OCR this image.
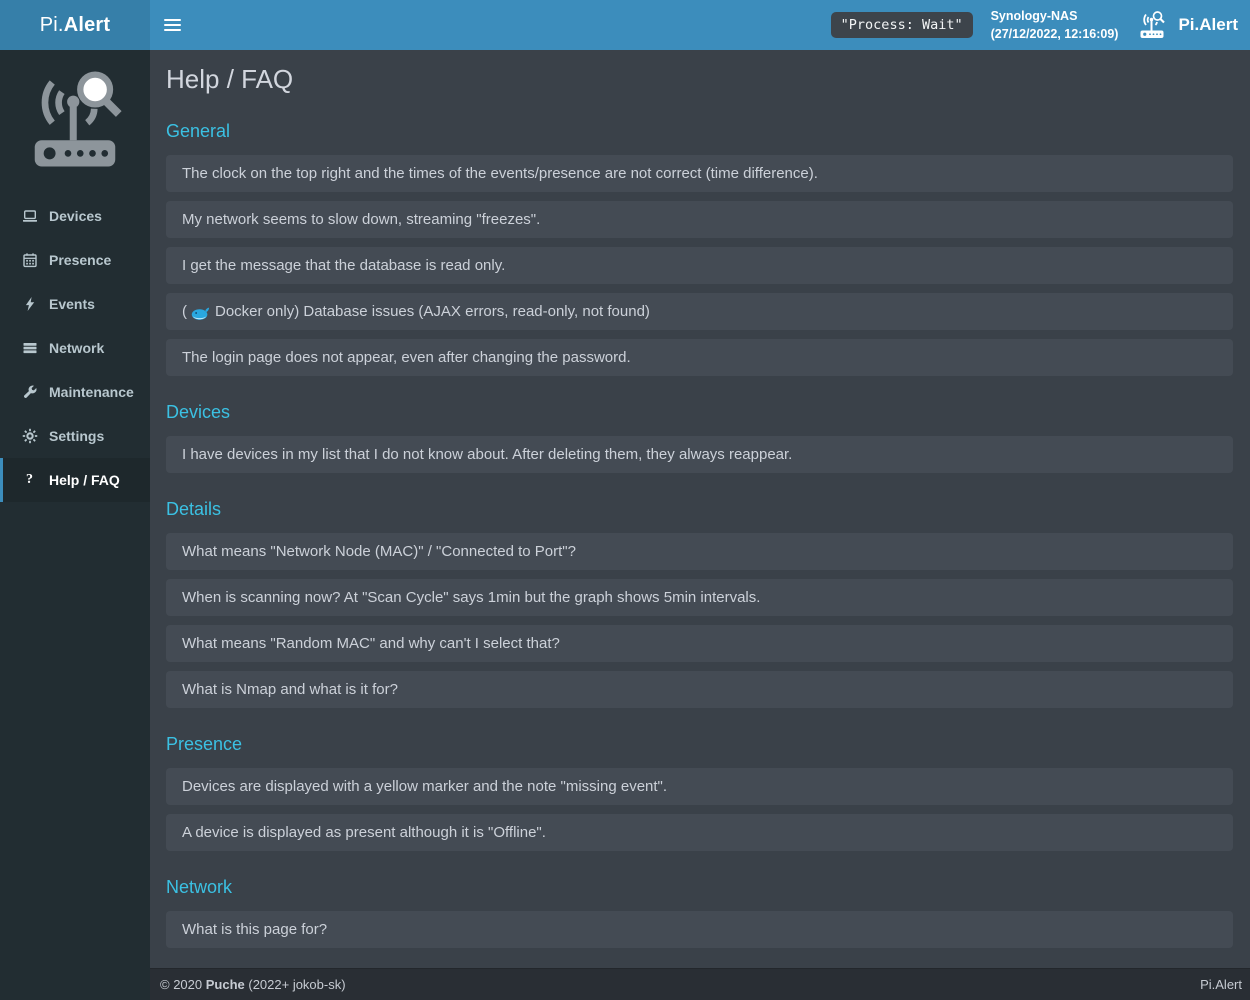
Pi.Alert	"Process: Wait"
Synology-NAS
(27/12/2022, 12:16:09)	Pi.Alert
Devices
Presence
Events
Network
Maintenance
Settings
? Help / FAQ
Help / FAQ
General
The clock on the top right and the times of the events/presence are not correct (time difference).
My network seems to slow down, streaming "freezes".
I get the message that the database is read only.
( Docker only) Database issues (AJAX errors, read-only, not found)
The login page does not appear, even after changing the password.
Devices
I have devices in my list that I do not know about. After deleting them, they always reappear.
Details
What means "Network Node (MAC)" / "Connected to Port"?
When is scanning now? At "Scan Cycle" says 1min but the graph shows 5min intervals.
What means "Random MAC" and why can't I select that?
What is Nmap and what is it for?
Presence
Devices are displayed with a yellow marker and the note "missing event".
A device is displayed as present although it is "Offline".
Network
What is this page for?
© 2020 Puche (2022+ jokob-sk)	Pi.Alert
